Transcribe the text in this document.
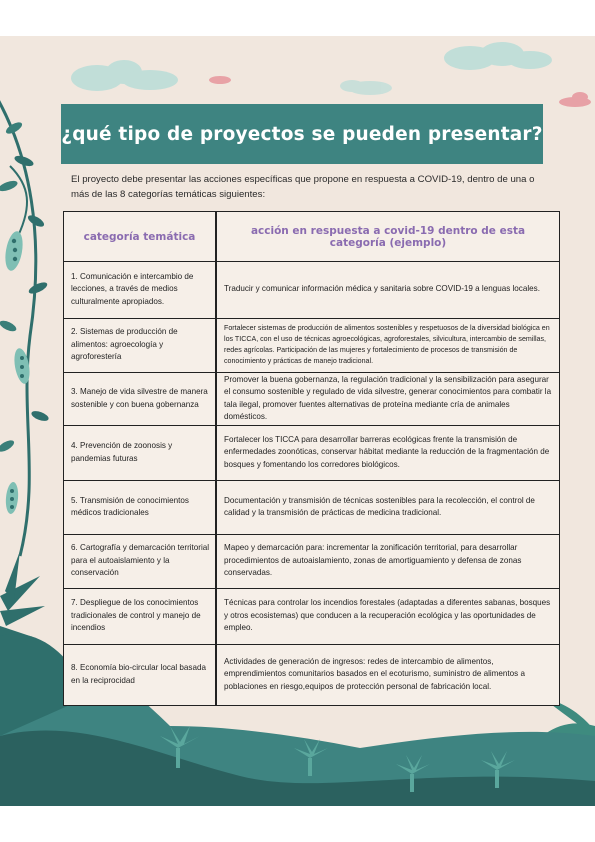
¿qué tipo de proyectos se pueden presentar?
El proyecto debe presentar las acciones específicas que propone en respuesta a COVID-19, dentro de una o más de las 8 categorías temáticas siguientes:
categoría temática	acción en respuesta a covid-19 dentro de esta categoría (ejemplo)
1. Comunicación e intercambio de lecciones, a través de medios culturalmente apropiados.
Traducir y comunicar información médica y sanitaria sobre COVID-19 a lenguas locales.
2. Sistemas de producción de alimentos: agroecología y agroforestería
Fortalecer sistemas de producción de alimentos sostenibles y respetuosos de la diversidad biológica en los TICCA, con el uso de técnicas agroecológicas, agroforestales, silvicultura, intercambio de semillas, redes agrícolas. Participación de las mujeres y fortalecimiento de procesos de transmisión de conocimiento y prácticas de manejo tradicional.
3. Manejo de vida silvestre de manera sostenible y con buena gobernanza
Promover la buena gobernanza, la regulación tradicional y la sensibilización para asegurar el consumo sostenible y regulado de vida silvestre, generar conocimientos para combatir la tala ilegal, promover fuentes alternativas de proteína mediante cría de animales domésticos.
4. Prevención de zoonosis y pandemias futuras
Fortalecer los TICCA para desarrollar barreras ecológicas frente la transmisión de enfermedades zoonóticas, conservar hábitat mediante la reducción de la fragmentación de bosques y fomentando los corredores biológicos.
5. Transmisión de conocimientos médicos tradicionales
Documentación y transmisión de técnicas sostenibles para la recolección, el control de calidad y la transmisión de prácticas de medicina tradicional.
6. Cartografía y demarcación territorial para el autoaislamiento y la conservación
Mapeo y demarcación para: incrementar la zonificación territorial, para desarrollar procedimientos de autoaislamiento, zonas de amortiguamiento y defensa de zonas conservadas.
7. Despliegue de los conocimientos tradicionales de control y manejo de incendios
Técnicas para controlar los incendios forestales (adaptadas a diferentes sabanas, bosques y otros ecosistemas) que conducen a la recuperación ecológica y las oportunidades de empleo.
8. Economía bio-circular local basada en la reciprocidad
Actividades de generación de ingresos: redes de intercambio de alimentos, emprendimientos comunitarios basados en el ecoturismo, suministro de alimentos a poblaciones en riesgo,equipos de protección personal de fabricación local.
